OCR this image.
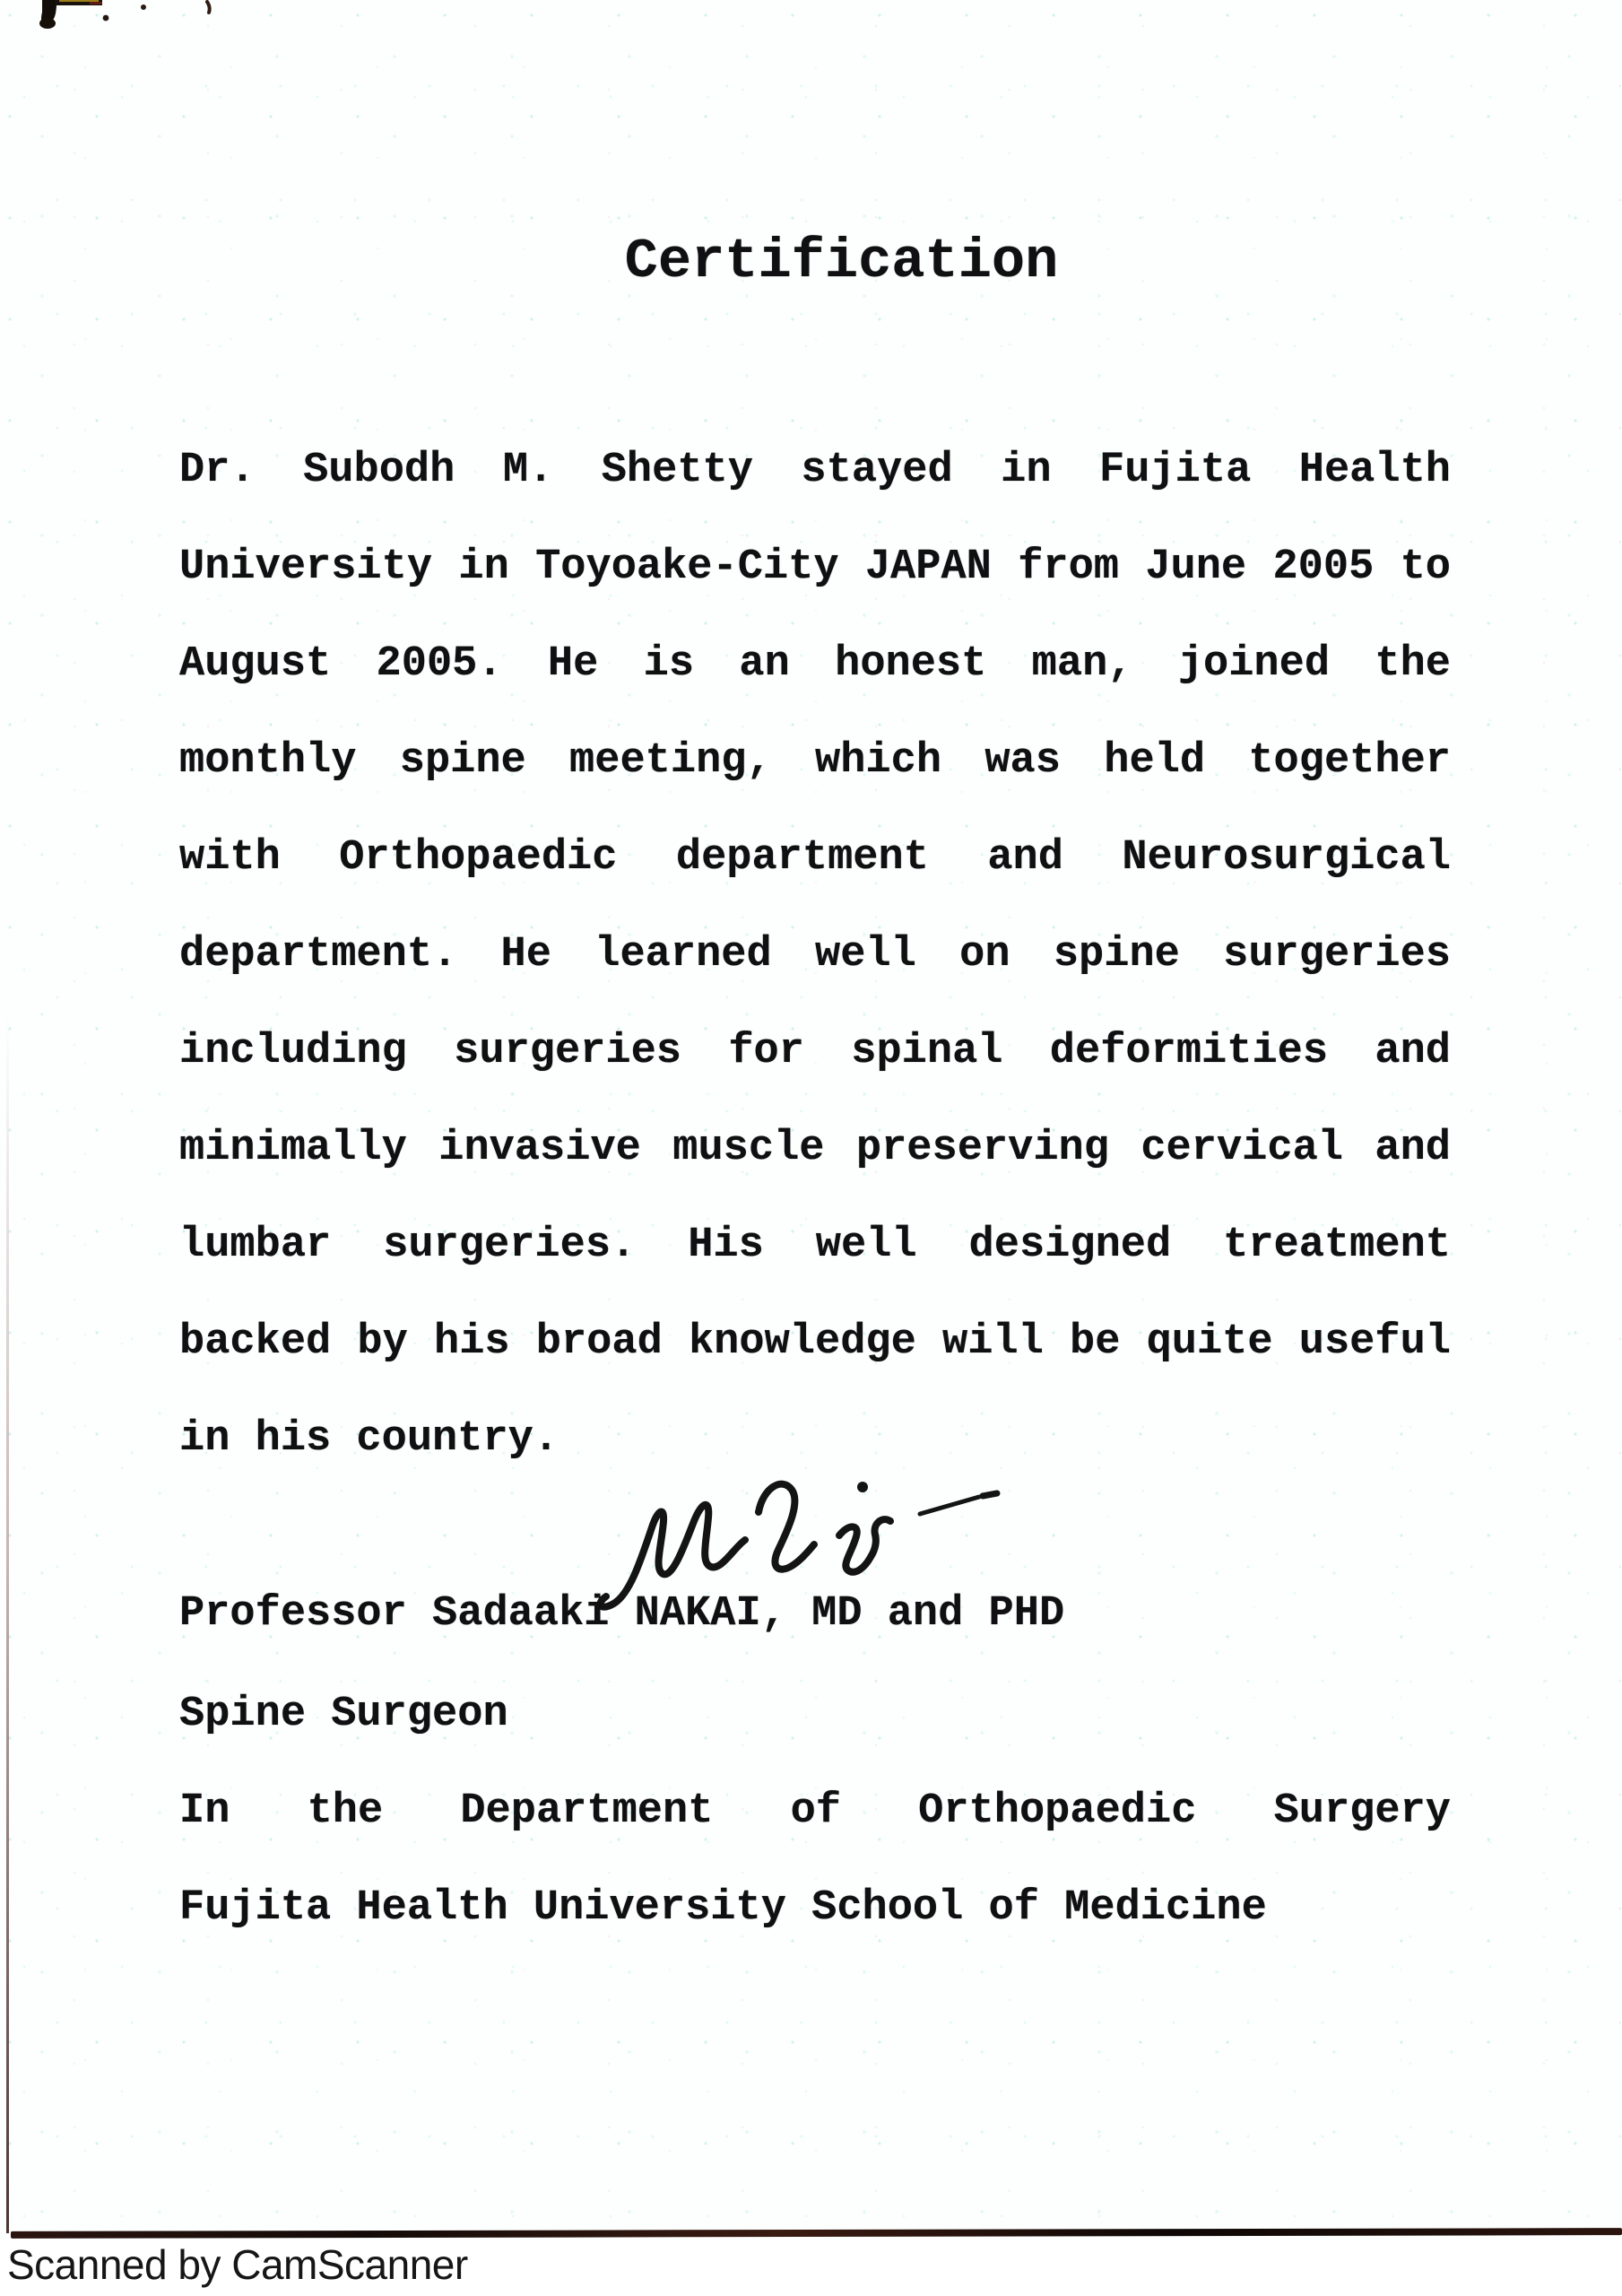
Certification
Dr. Subodh M. Shetty stayed in Fujita Health
University in Toyoake-City JAPAN from June 2005 to
August 2005. He is an honest man, joined the
monthly spine meeting, which was held together
with Orthopaedic department and Neurosurgical
department. He learned well on spine surgeries
including surgeries for spinal deformities and
minimally invasive muscle preserving cervical and
lumbar surgeries. His well designed treatment
backed by his broad knowledge will be quite useful
in his country.
Professor Sadaaki NAKAI, MD and PHD
Spine Surgeon
In the Department of Orthopaedic Surgery
Fujita Health University School of Medicine
Scanned by CamScanner
